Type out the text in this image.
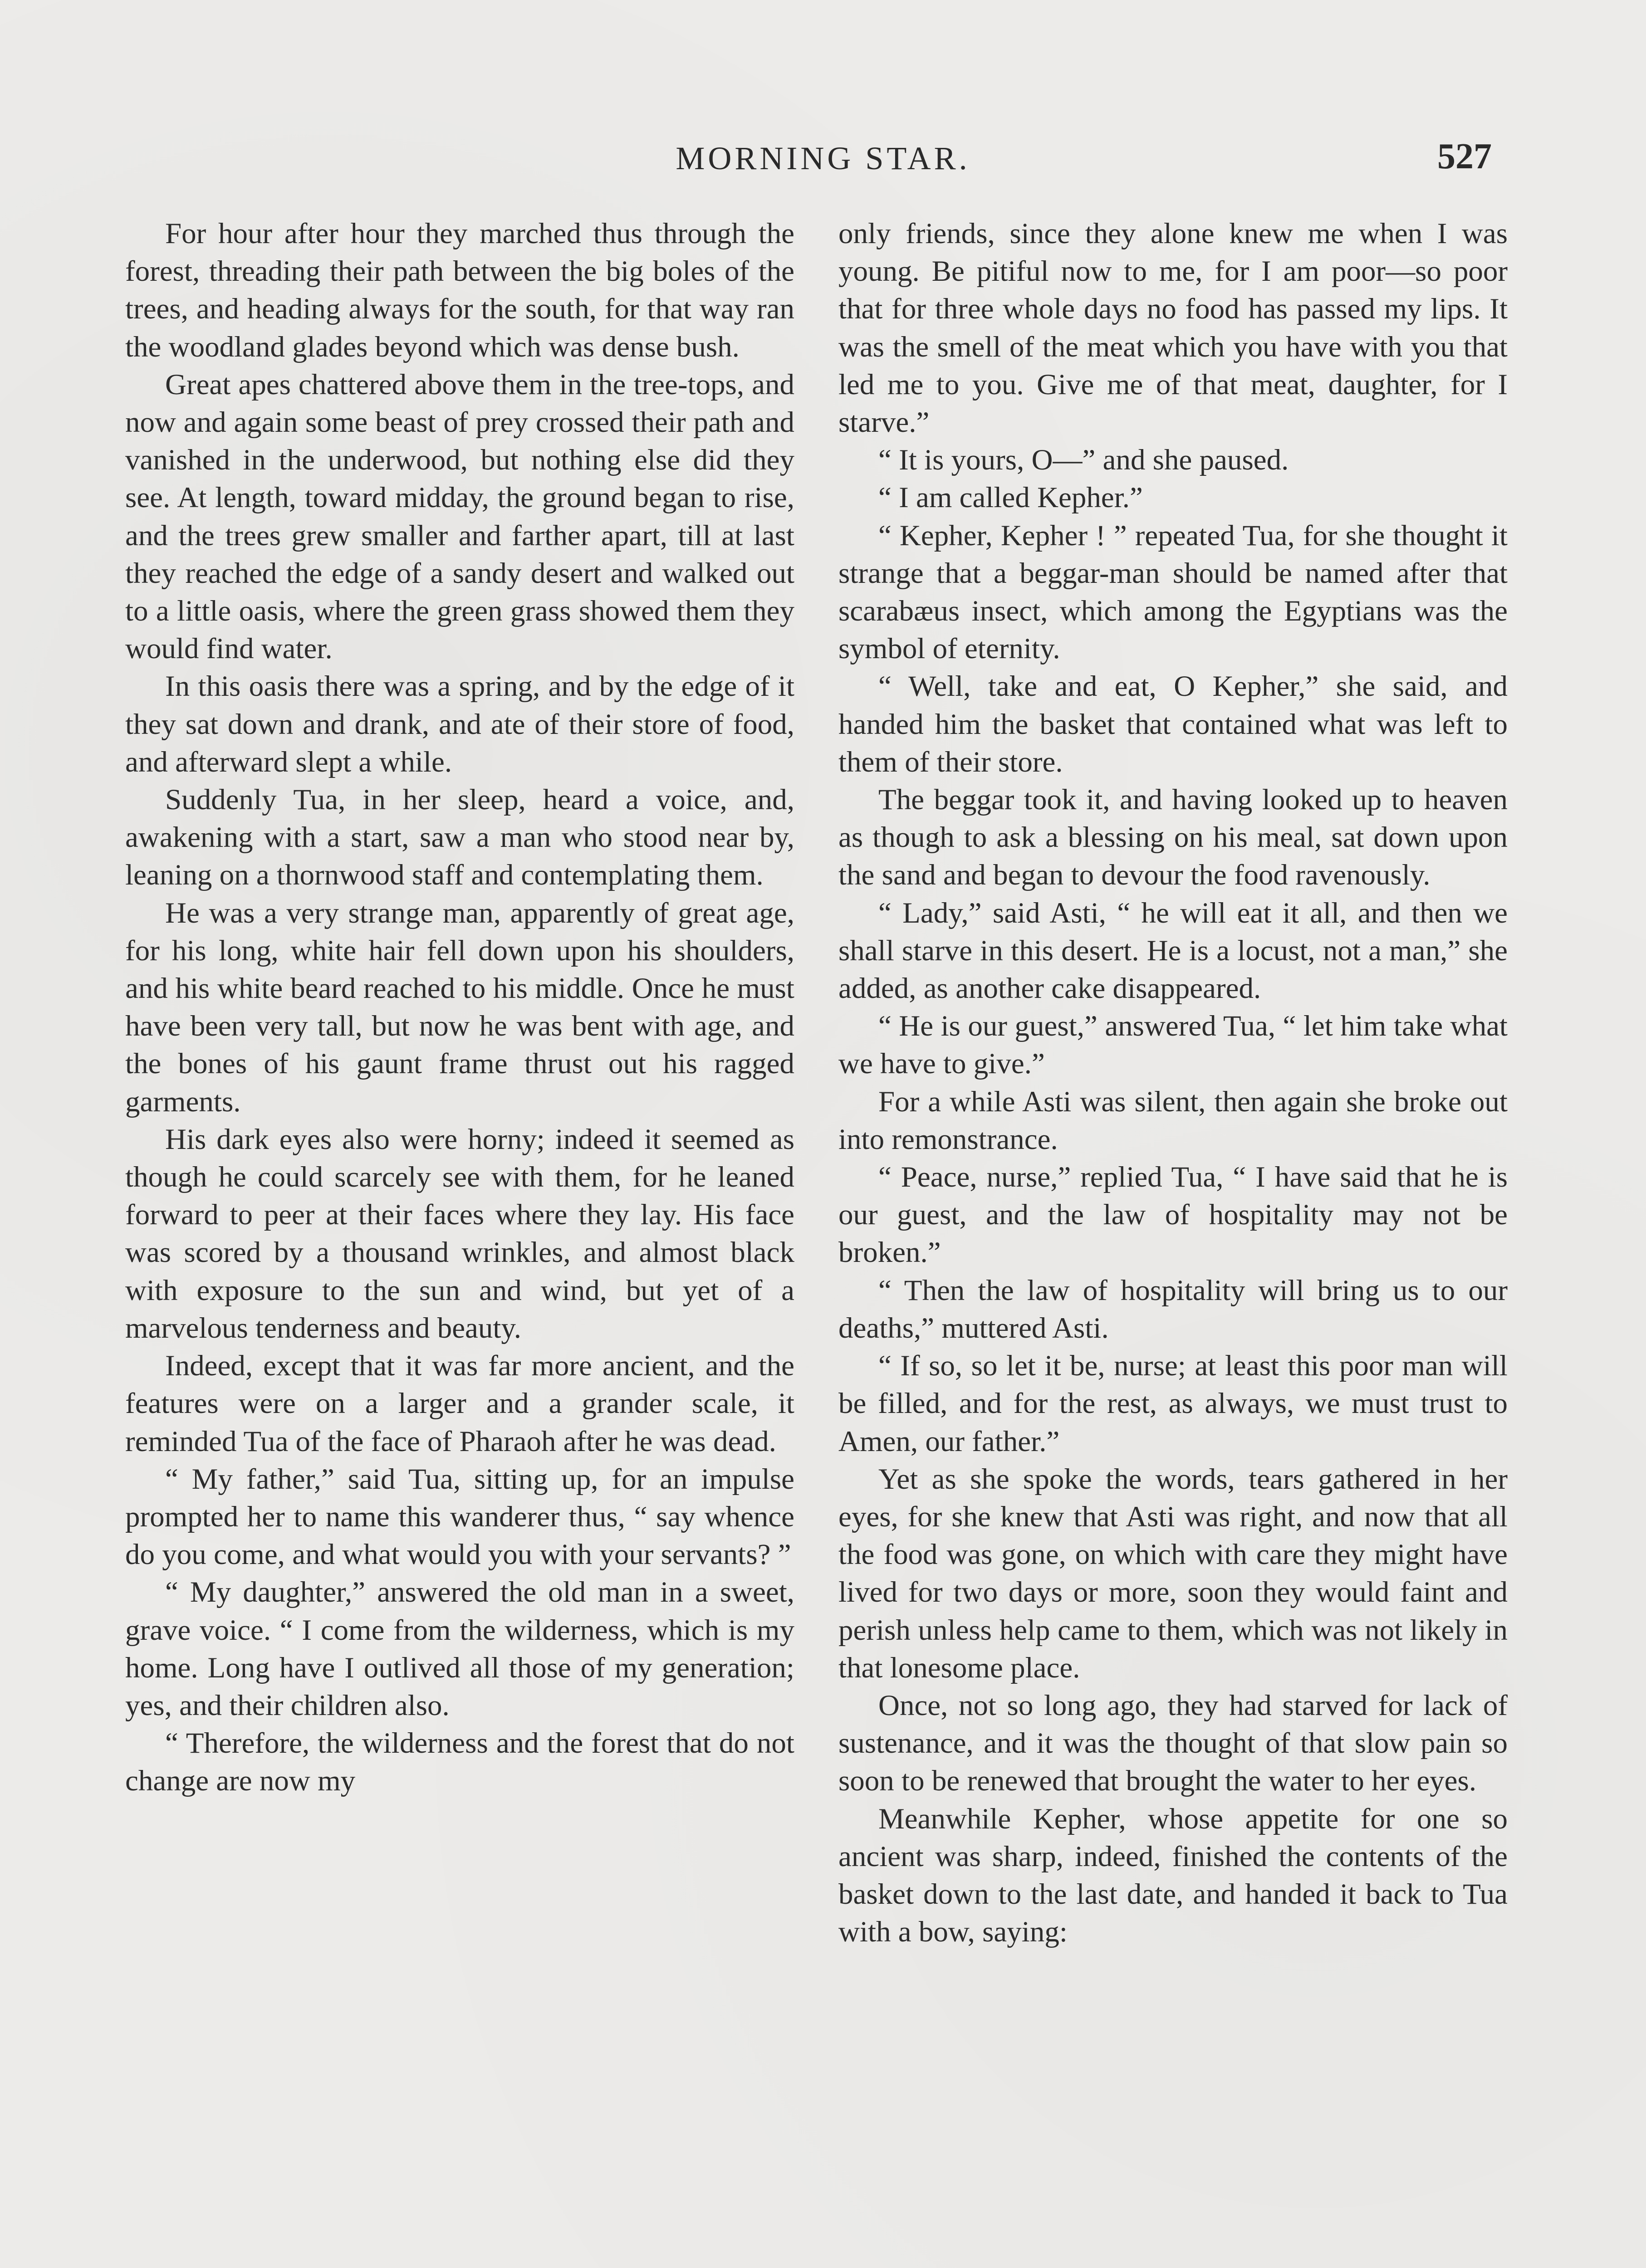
MORNING STAR.	527

For hour after hour they marched thus through the forest, threading their path between the big boles of the trees, and heading always for the south, for that way ran the woodland glades beyond which was dense bush.

Great apes chattered above them in the tree-tops, and now and again some beast of prey crossed their path and vanished in the underwood, but nothing else did they see. At length, toward midday, the ground began to rise, and the trees grew smaller and farther apart, till at last they reached the edge of a sandy desert and walked out to a little oasis, where the green grass showed them they would find water.

In this oasis there was a spring, and by the edge of it they sat down and drank, and ate of their store of food, and afterward slept a while.

Suddenly Tua, in her sleep, heard a voice, and, awakening with a start, saw a man who stood near by, leaning on a thornwood staff and contemplating them.

He was a very strange man, apparently of great age, for his long, white hair fell down upon his shoulders, and his white beard reached to his middle. Once he must have been very tall, but now he was bent with age, and the bones of his gaunt frame thrust out his ragged garments.

His dark eyes also were horny; indeed it seemed as though he could scarcely see with them, for he leaned forward to peer at their faces where they lay. His face was scored by a thousand wrinkles, and almost black with exposure to the sun and wind, but yet of a marvelous tenderness and beauty.

Indeed, except that it was far more ancient, and the features were on a larger and a grander scale, it reminded Tua of the face of Pharaoh after he was dead.

“ My father,” said Tua, sitting up, for an impulse prompted her to name this wanderer thus, “ say whence do you come, and what would you with your servants? ”

“ My daughter,” answered the old man in a sweet, grave voice. “ I come from the wilderness, which is my home. Long have I outlived all those of my generation; yes, and their children also.

“ Therefore, the wilderness and the forest that do not change are now my

only friends, since they alone knew me when I was young. Be pitiful now to me, for I am poor—so poor that for three whole days no food has passed my lips. It was the smell of the meat which you have with you that led me to you. Give me of that meat, daughter, for I starve.”

“ It is yours, O—” and she paused.

“ I am called Kepher.”

“ Kepher, Kepher ! ” repeated Tua, for she thought it strange that a beggar-man should be named after that scarabæus insect, which among the Egyptians was the symbol of eternity.

“ Well, take and eat, O Kepher,” she said, and handed him the basket that contained what was left to them of their store.

The beggar took it, and having looked up to heaven as though to ask a blessing on his meal, sat down upon the sand and began to devour the food ravenously.

“ Lady,” said Asti, “ he will eat it all, and then we shall starve in this desert. He is a locust, not a man,” she added, as another cake disappeared.

“ He is our guest,” answered Tua, “ let him take what we have to give.”

For a while Asti was silent, then again she broke out into remonstrance.

“ Peace, nurse,” replied Tua, “ I have said that he is our guest, and the law of hospitality may not be broken.”

“ Then the law of hospitality will bring us to our deaths,” muttered Asti.

“ If so, so let it be, nurse; at least this poor man will be filled, and for the rest, as always, we must trust to Amen, our father.”

Yet as she spoke the words, tears gathered in her eyes, for she knew that Asti was right, and now that all the food was gone, on which with care they might have lived for two days or more, soon they would faint and perish unless help came to them, which was not likely in that lonesome place.

Once, not so long ago, they had starved for lack of sustenance, and it was the thought of that slow pain so soon to be renewed that brought the water to her eyes.

Meanwhile Kepher, whose appetite for one so ancient was sharp, indeed, finished the contents of the basket down to the last date, and handed it back to Tua with a bow, saying:
